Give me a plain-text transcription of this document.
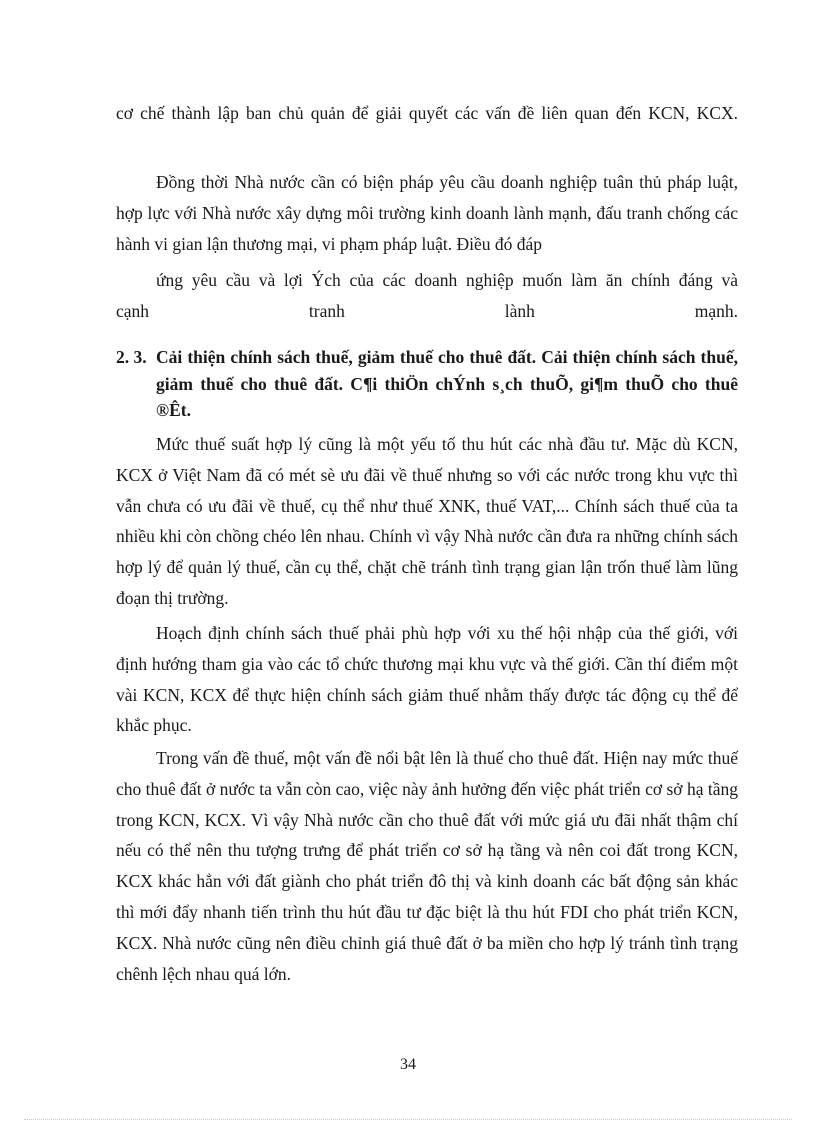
cơ chế thành lập ban chủ quản để giải quyết các vấn đề liên quan đến KCN, KCX.

Đồng thời Nhà nước cần có biện pháp yêu cầu doanh nghiệp tuân thủ pháp luật, hợp lực với Nhà nước xây dựng môi trường kinh doanh lành mạnh, đấu tranh chống các hành vi gian lận thương mại, vi phạm pháp luật. Điều đó đáp

ứng yêu cầu và lợi Ých của các doanh nghiệp muốn làm ăn chính đáng và
cạnh	tranh	lành	mạnh.
2. 3. Cải thiện chính sách thuế, giảm thuế cho thuê đất. Cải thiện chính sách thuế, giảm thuế cho thuê đất. C¶i thiÖn chÝnh s¸ch thuÕ, gi¶m thuÕ cho thuê ®Êt.

Mức thuế suất hợp lý cũng là một yếu tố thu hút các nhà đầu tư. Mặc dù KCN, KCX ở Việt Nam đã có mét sè ưu đãi về thuế nhưng so với các nước trong khu vực thì vẫn chưa có ưu đãi về thuế, cụ thể như thuế XNK, thuế VAT,... Chính sách thuế của ta nhiều khi còn chồng chéo lên nhau. Chính vì vậy Nhà nước cần đưa ra những chính sách hợp lý để quản lý thuế, cần cụ thể, chặt chẽ tránh tình trạng gian lận trốn thuế làm lũng đoạn thị trường.

Hoạch định chính sách thuế phải phù hợp với xu thế hội nhập của thế giới, với định hướng tham gia vào các tổ chức thương mại khu vực và thế giới. Cần thí điểm một vài KCN, KCX để thực hiện chính sách giảm thuế nhằm thấy được tác động cụ thể để khắc phục.

Trong vấn đề thuế, một vấn đề nổi bật lên là thuế cho thuê đất. Hiện nay mức thuế cho thuê đất ở nước ta vẫn còn cao, việc này ảnh hưởng đến việc phát triển cơ sở hạ tầng trong KCN, KCX. Vì vậy Nhà nước cần cho thuê đất với mức giá ưu đãi nhất thậm chí nếu có thể nên thu tượng trưng để phát triển cơ sở hạ tầng và nên coi đất trong KCN, KCX khác hẳn với đất giành cho phát triển đô thị và kinh doanh các bất động sản khác thì mới đẩy nhanh tiến trình thu hút đầu tư đặc biệt là thu hút FDI cho phát triển KCN, KCX. Nhà nước cũng nên điều chỉnh giá thuê đất ở ba miền cho hợp lý tránh tình trạng chênh lệch nhau quá lớn.

34
